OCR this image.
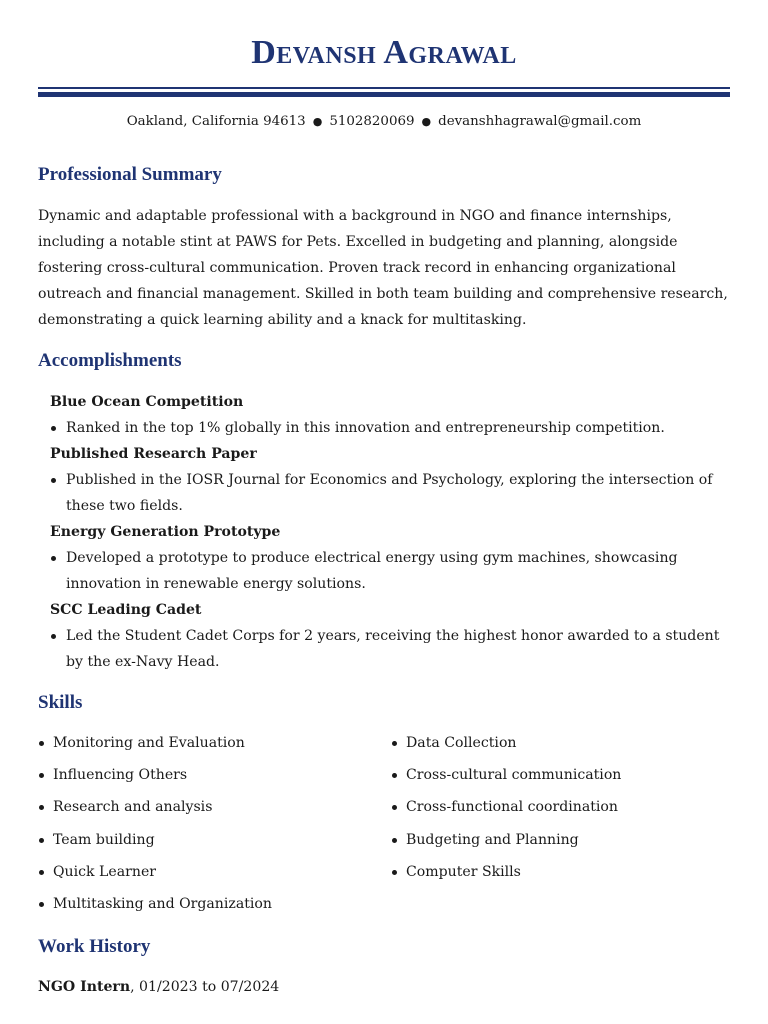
Devansh Agrawal
Oakland, California 94613 ● 5102820069 ● devanshhagrawal@gmail.com
Professional Summary

Dynamic and adaptable professional with a background in NGO and finance internships, including a notable stint at PAWS for Pets. Excelled in budgeting and planning, alongside fostering cross-cultural communication. Proven track record in enhancing organizational outreach and financial management. Skilled in both team building and comprehensive research, demonstrating a quick learning ability and a knack for multitasking.

Accomplishments
Blue Ocean Competition
Ranked in the top 1% globally in this innovation and entrepreneurship competition.
Published Research Paper
Published in the IOSR Journal for Economics and Psychology, exploring the intersection of these two fields.
Energy Generation Prototype
Developed a prototype to produce electrical energy using gym machines, showcasing innovation in renewable energy solutions.
SCC Leading Cadet
Led the Student Cadet Corps for 2 years, receiving the highest honor awarded to a student by the ex-Navy Head.
Skills
Monitoring and Evaluation
Influencing Others
Research and analysis
Team building
Quick Learner
Multitasking and Organization
Data Collection
Cross-cultural communication
Cross-functional coordination
Budgeting and Planning
Computer Skills
Work History
NGO Intern, 01/2023 to 07/2024
